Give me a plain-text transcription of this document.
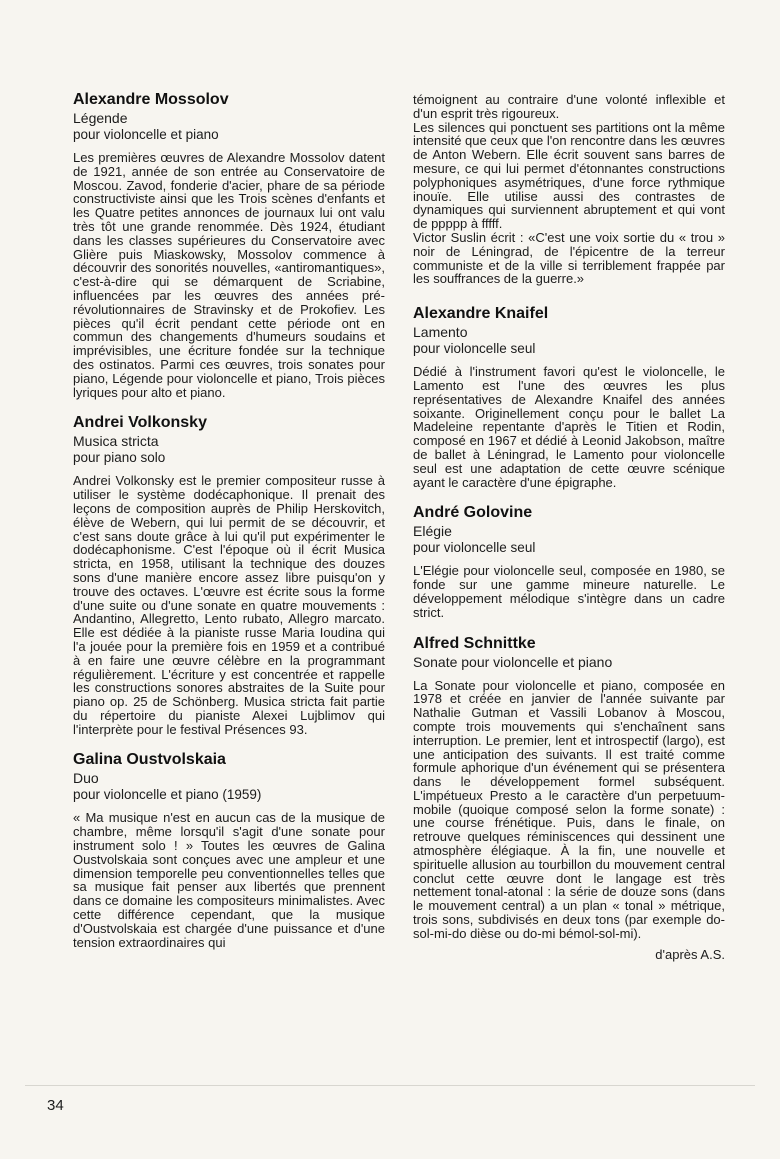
Alexandre Mossolov
Légende
pour violoncelle et piano

Les premières œuvres de Alexandre Mossolov datent de 1921, année de son entrée au Conservatoire de Moscou. Zavod, fonderie d'acier, phare de sa période constructiviste ainsi que les Trois scènes d'enfants et les Quatre petites annonces de journaux lui ont valu très tôt une grande renommée. Dès 1924, étudiant dans les classes supérieures du Conservatoire avec Glière puis Miaskowsky, Mossolov commence à découvrir des sonorités nouvelles, «antiromantiques», c'est-à-dire qui se démarquent de Scriabine, influencées par les œuvres des années pré-révolutionnaires de Stravinsky et de Prokofiev. Les pièces qu'il écrit pendant cette période ont en commun des changements d'humeurs soudains et imprévisibles, une écriture fondée sur la technique des ostinatos. Parmi ces œuvres, trois sonates pour piano, Légende pour violoncelle et piano, Trois pièces lyriques pour alto et piano.

Andrei Volkonsky
Musica stricta
pour piano solo

Andrei Volkonsky est le premier compositeur russe à utiliser le système dodécaphonique. Il prenait des leçons de composition auprès de Philip Herskovitch, élève de Webern, qui lui permit de se découvrir, et c'est sans doute grâce à lui qu'il put expérimenter le dodécaphonisme. C'est l'époque où il écrit Musica stricta, en 1958, utilisant la technique des douzes sons d'une manière encore assez libre puisqu'on y trouve des octaves. L'œuvre est écrite sous la forme d'une suite ou d'une sonate en quatre mouvements : Andantino, Allegretto, Lento rubato, Allegro marcato. Elle est dédiée à la pianiste russe Maria Ioudina qui l'a jouée pour la première fois en 1959 et a contribué à en faire une œuvre célèbre en la programmant régulièrement. L'écriture y est concentrée et rappelle les constructions sonores abstraites de la Suite pour piano op. 25 de Schönberg. Musica stricta fait partie du répertoire du pianiste Alexei Lujblimov qui l'interprète pour le festival Présences 93.

Galina Oustvolskaia
Duo
pour violoncelle et piano (1959)

« Ma musique n'est en aucun cas de la musique de chambre, même lorsqu'il s'agit d'une sonate pour instrument solo ! » Toutes les œuvres de Galina Oustvolskaia sont conçues avec une ampleur et une dimension temporelle peu conventionnelles telles que sa musique fait penser aux libertés que prennent dans ce domaine les compositeurs minimalistes. Avec cette différence cependant, que la musique d'Oustvolskaia est chargée d'une puissance et d'une tension extraordinaires qui

témoignent au contraire d'une volonté inflexible et d'un esprit très rigoureux.

Les silences qui ponctuent ses partitions ont la même intensité que ceux que l'on rencontre dans les œuvres de Anton Webern. Elle écrit souvent sans barres de mesure, ce qui lui permet d'étonnantes constructions polyphoniques asymétriques, d'une force rythmique inouïe. Elle utilise aussi des contrastes de dynamiques qui surviennent abruptement et qui vont de ppppp à fffff.

Victor Suslin écrit : «C'est une voix sortie du « trou » noir de Léningrad, de l'épicentre de la terreur communiste et de la ville si terriblement frappée par les souffrances de la guerre.»

Alexandre Knaifel
Lamento
pour violoncelle seul

Dédié à l'instrument favori qu'est le violoncelle, le Lamento est l'une des œuvres les plus représentatives de Alexandre Knaifel des années soixante. Originellement conçu pour le ballet La Madeleine repentante d'après le Titien et Rodin, composé en 1967 et dédié à Leonid Jakobson, maître de ballet à Léningrad, le Lamento pour violoncelle seul est une adaptation de cette œuvre scénique ayant le caractère d'une épigraphe.

André Golovine
Elégie
pour violoncelle seul

L'Elégie pour violoncelle seul, composée en 1980, se fonde sur une gamme mineure naturelle. Le développement mélodique s'intègre dans un cadre strict.

Alfred Schnittke
Sonate pour violoncelle et piano

La Sonate pour violoncelle et piano, composée en 1978 et créée en janvier de l'année suivante par Nathalie Gutman et Vassili Lobanov à Moscou, compte trois mouvements qui s'enchaînent sans interruption. Le premier, lent et introspectif (largo), est une anticipation des suivants. Il est traité comme formule aphorique d'un événement qui se présentera dans le développement formel subséquent. L'impétueux Presto a le caractère d'un perpetuum-mobile (quoique composé selon la forme sonate) : une course frénétique. Puis, dans le finale, on retrouve quelques réminiscences qui dessinent une atmosphère élégiaque. À la fin, une nouvelle et spirituelle allusion au tourbillon du mouvement central conclut cette œuvre dont le langage est très nettement tonal-atonal : la série de douze sons (dans le mouvement central) a un plan « tonal » métrique, trois sons, subdivisés en deux tons (par exemple do-sol-mi-do dièse ou do-mi bémol-sol-mi).

d'après A.S.
34
